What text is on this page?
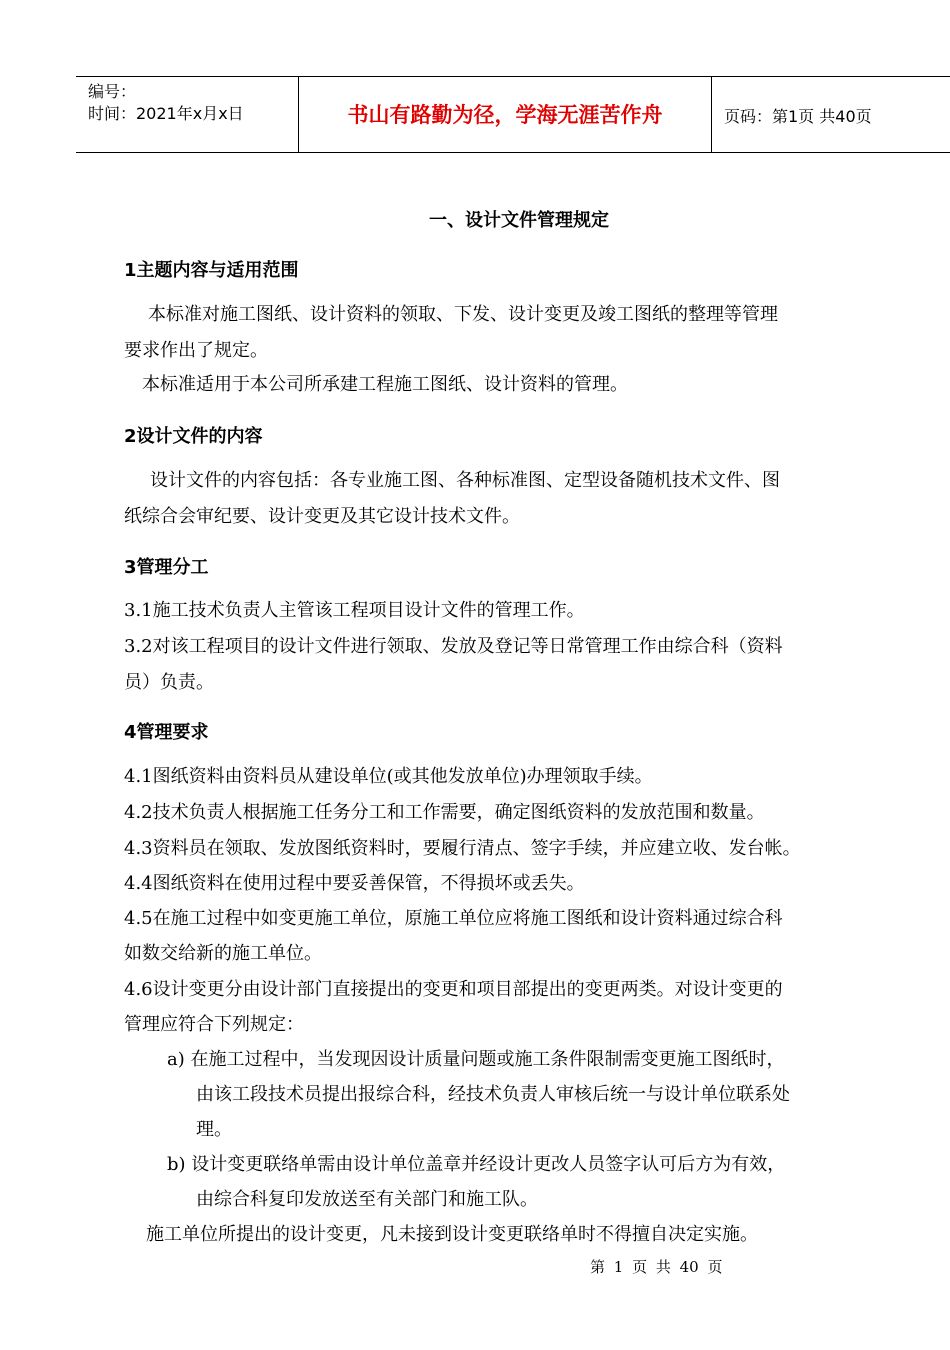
编号：
时间：2021年x月x日	书山有路勤为径，学海无涯苦作舟	页码：第1页 共40页
一、设计文件管理规定
1主题内容与适用范围
本标准对施工图纸、设计资料的领取、下发、设计变更及竣工图纸的整理等管理
要求作出了规定。
本标准适用于本公司所承建工程施工图纸、设计资料的管理。
2设计文件的内容
设计文件的内容包括：各专业施工图、各种标准图、定型设备随机技术文件、图
纸综合会审纪要、设计变更及其它设计技术文件。
3管理分工
3.1施工技术负责人主管该工程项目设计文件的管理工作。
3.2对该工程项目的设计文件进行领取、发放及登记等日常管理工作由综合科（资料
员）负责。
4管理要求
4.1图纸资料由资料员从建设单位(或其他发放单位)办理领取手续。
4.2技术负责人根据施工任务分工和工作需要，确定图纸资料的发放范围和数量。
4.3资料员在领取、发放图纸资料时，要履行清点、签字手续，并应建立收、发台帐。
4.4图纸资料在使用过程中要妥善保管，不得损坏或丢失。
4.5在施工过程中如变更施工单位，原施工单位应将施工图纸和设计资料通过综合科
如数交给新的施工单位。
4.6设计变更分由设计部门直接提出的变更和项目部提出的变更两类。对设计变更的
管理应符合下列规定：
a) 在施工过程中，当发现因设计质量问题或施工条件限制需变更施工图纸时，
由该工段技术员提出报综合科，经技术负责人审核后统一与设计单位联系处
理。
b) 设计变更联络单需由设计单位盖章并经设计更改人员签字认可后方为有效，
由综合科复印发放送至有关部门和施工队。
施工单位所提出的设计变更，凡未接到设计变更联络单时不得擅自决定实施。
第 1 页 共 40 页
